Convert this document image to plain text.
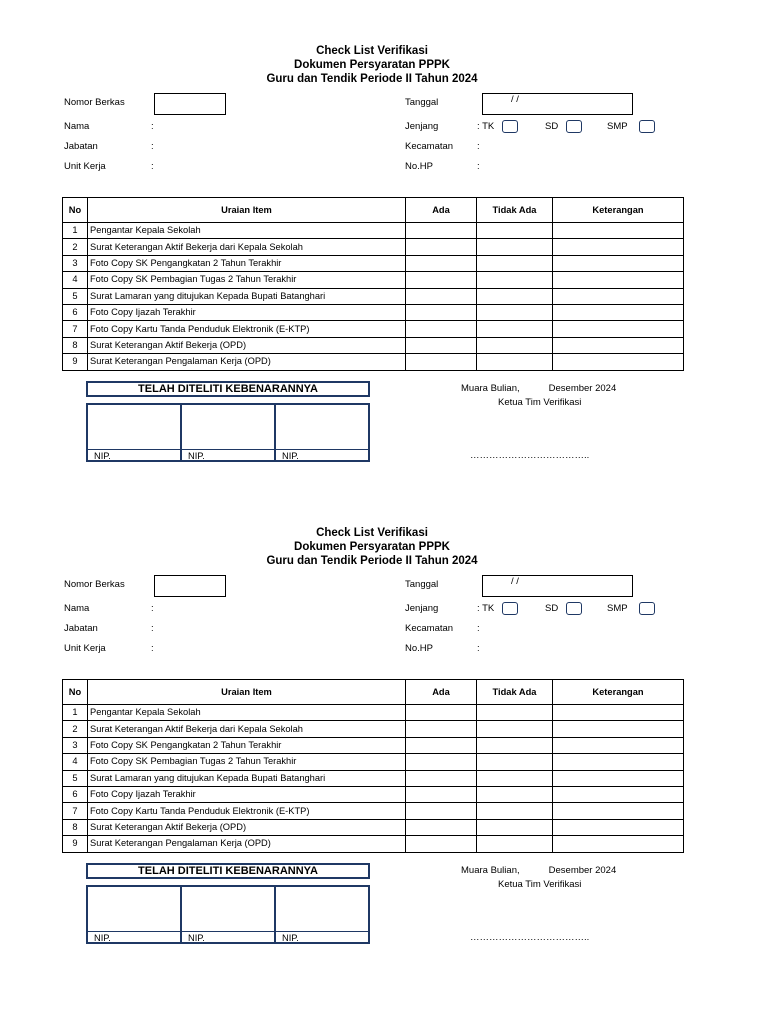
Check List Verifikasi
Dokumen Persyaratan PPPK
Guru dan Tendik Periode II Tahun 2024
Nomor Berkas	Tanggal	/ /
Nama	:	Jenjang	: TK	SD	SMP
Jabatan	:	Kecamatan	:
Unit Kerja	:	No.HP	:
No	Uraian Item	Ada	Tidak Ada	Keterangan
1	Pengantar Kepala Sekolah			
2	Surat Keterangan Aktif Bekerja dari Kepala Sekolah			
3	Foto Copy SK Pengangkatan 2 Tahun Terakhir			
4	Foto Copy SK Pembagian Tugas 2 Tahun Terakhir			
5	Surat Lamaran yang ditujukan Kepada Bupati Batanghari			
6	Foto Copy Ijazah Terakhir			
7	Foto Copy Kartu Tanda Penduduk Elektronik (E-KTP)			
8	Surat Keterangan Aktif Bekerja (OPD)			
9	Surat Keterangan Pengalaman Kerja (OPD)			
TELAH DITELITI KEBENARANNYA
NIP.	NIP.	NIP.
Muara Bulian,           Desember 2024
Ketua Tim Verifikasi
………………………………..
Check List Verifikasi
Dokumen Persyaratan PPPK
Guru dan Tendik Periode II Tahun 2024
Nomor Berkas	Tanggal	/ /
Nama	:	Jenjang	: TK	SD	SMP
Jabatan	:	Kecamatan	:
Unit Kerja	:	No.HP	:
No	Uraian Item	Ada	Tidak Ada	Keterangan
1	Pengantar Kepala Sekolah			
2	Surat Keterangan Aktif Bekerja dari Kepala Sekolah			
3	Foto Copy SK Pengangkatan 2 Tahun Terakhir			
4	Foto Copy SK Pembagian Tugas 2 Tahun Terakhir			
5	Surat Lamaran yang ditujukan Kepada Bupati Batanghari			
6	Foto Copy Ijazah Terakhir			
7	Foto Copy Kartu Tanda Penduduk Elektronik (E-KTP)			
8	Surat Keterangan Aktif Bekerja (OPD)			
9	Surat Keterangan Pengalaman Kerja (OPD)			
TELAH DITELITI KEBENARANNYA
NIP.	NIP.	NIP.
Muara Bulian,           Desember 2024
Ketua Tim Verifikasi
………………………………..
